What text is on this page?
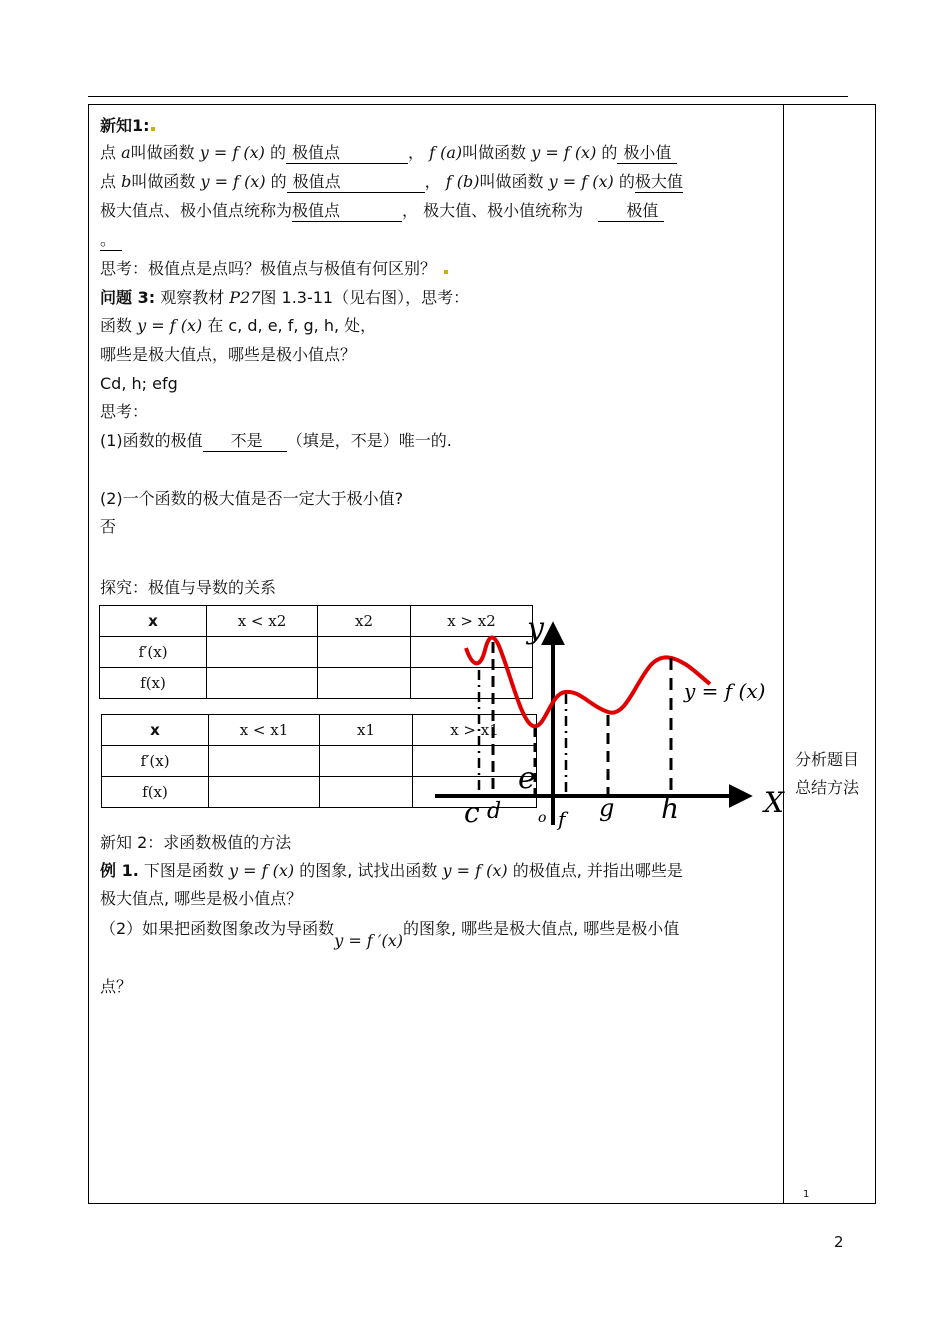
新知1:
点 a叫做函数 y = f (x) 的 极值点	， f (a)叫做函数 y = f (x) 的 极小值
点 b叫做函数 y = f (x) 的 极值点	， f (b)叫做函数 y = f (x) 的极大值
极大值点、极小值点统称为极值点	， 极大值、极小值统称为	极值
。
思考：极值点是点吗？极值点与极值有何区别？
问题 3: 观察教材 P27图 1.3-11（见右图），思考：
函数 y = f (x) 在 c, d, e, f, g, h, 处，
哪些是极大值点，哪些是极小值点？
Cd, h; efg
思考：
(1)函数的极值 不是 （填是，不是）唯一的.
(2)一个函数的极大值是否一定大于极小值?
否
探究：极值与导数的关系
x	x < x2	x2	x > x2
f′(x)			
f(x)			
x	x < x1	x1	x > x1
f′(x)			
f(x)			
y
X
y = f (x)
c d
e
o f g h
新知 2：求函数极值的方法
例 1. 下图是函数 y = f (x) 的图象, 试找出函数 y = f (x) 的极值点, 并指出哪些是
极大值点, 哪些是极小值点？
（2）如果把函数图象改为导函数y = f ′(x)的图象, 哪些是极大值点, 哪些是极小值
点？
分析题目
总结方法
1
2
